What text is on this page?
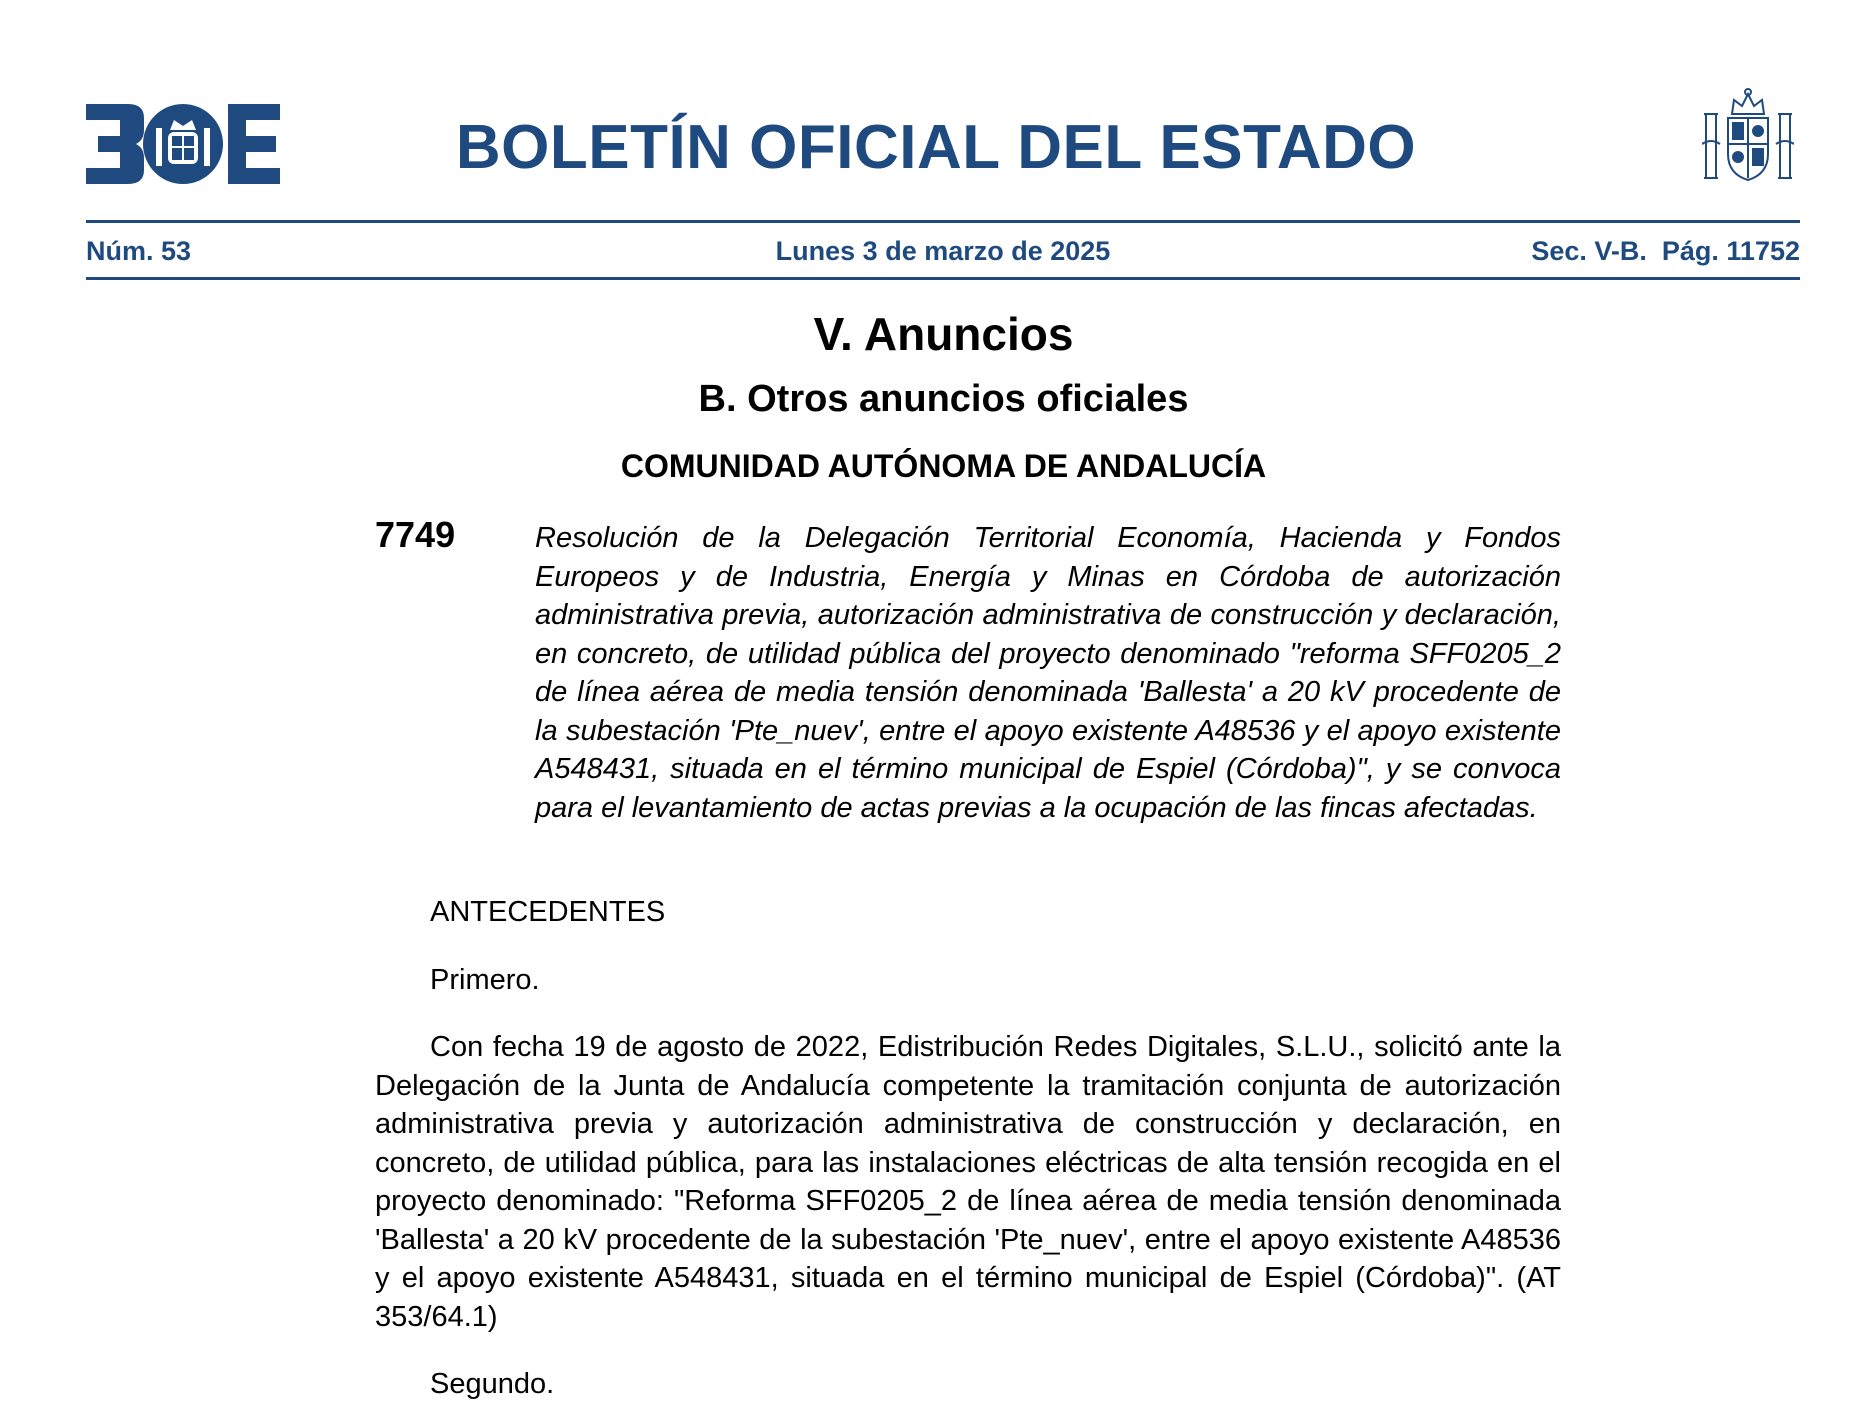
BOLETÍN OFICIAL DEL ESTADO
Núm. 53	Lunes 3 de marzo de 2025	Sec. V-B.  Pág. 11752
V. Anuncios
B. Otros anuncios oficiales
COMUNIDAD AUTÓNOMA DE ANDALUCÍA
7749	Resolución de la Delegación Territorial Economía, Hacienda y Fondos Europeos y de Industria, Energía y Minas en Córdoba de autorización administrativa previa, autorización administrativa de construcción y declaración, en concreto, de utilidad pública del proyecto denominado "reforma SFF0205_2 de línea aérea de media tensión denominada 'Ballesta' a 20 kV procedente de la subestación 'Pte_nuev', entre el apoyo existente A48536 y el apoyo existente A548431, situada en el término municipal de Espiel (Córdoba)", y se convoca para el levantamiento de actas previas a la ocupación de las fincas afectadas.
ANTECEDENTES
Primero.
Con fecha 19 de agosto de 2022, Edistribución Redes Digitales, S.L.U., solicitó ante la Delegación de la Junta de Andalucía competente la tramitación conjunta de autorización administrativa previa y autorización administrativa de construcción y declaración, en concreto, de utilidad pública, para las instalaciones eléctricas de alta tensión recogida en el proyecto denominado: "Reforma SFF0205_2 de línea aérea de media tensión denominada 'Ballesta' a 20 kV procedente de la subestación 'Pte_nuev', entre el apoyo existente A48536 y el apoyo existente A548431, situada en el término municipal de Espiel (Córdoba)". (AT 353/64.1)
Segundo.
